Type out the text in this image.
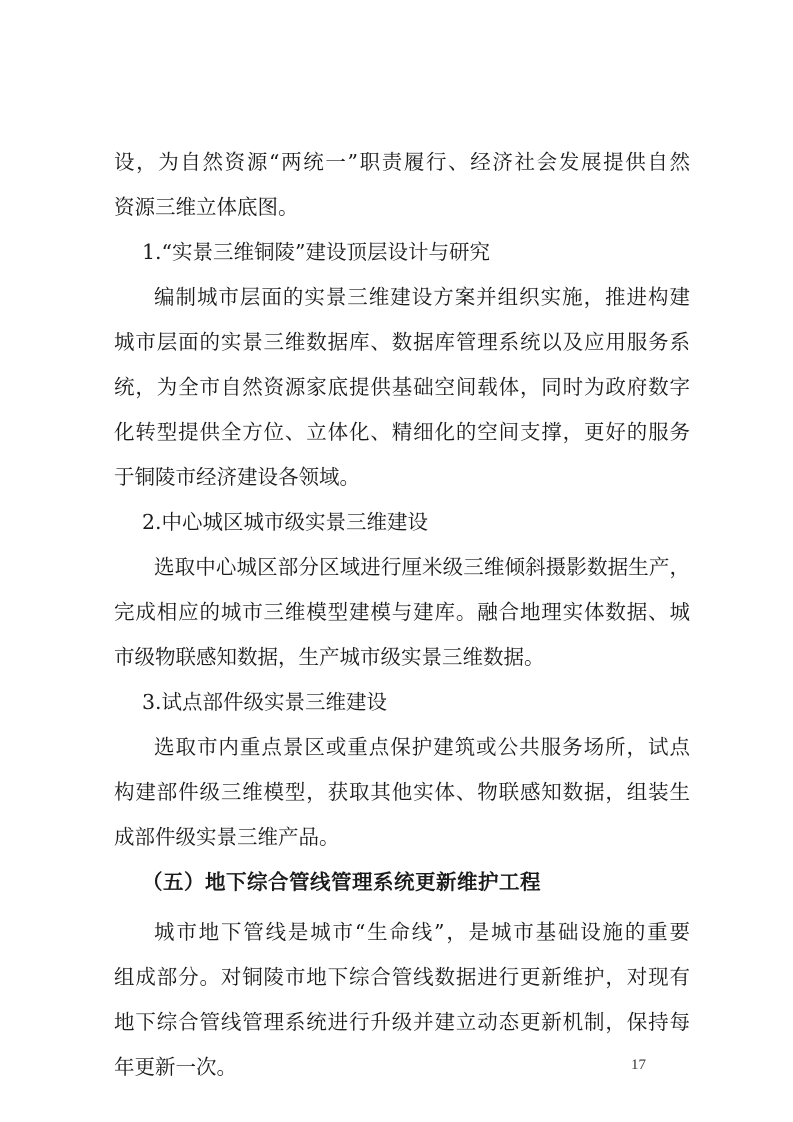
设，为自然资源“两统一”职责履行、经济社会发展提供自然
资源三维立体底图。
1.“实景三维铜陵”建设顶层设计与研究
编制城市层面的实景三维建设方案并组织实施，推进构建
城市层面的实景三维数据库、数据库管理系统以及应用服务系
统，为全市自然资源家底提供基础空间载体，同时为政府数字
化转型提供全方位、立体化、精细化的空间支撑，更好的服务
于铜陵市经济建设各领域。
2.中心城区城市级实景三维建设
选取中心城区部分区域进行厘米级三维倾斜摄影数据生产，
完成相应的城市三维模型建模与建库。融合地理实体数据、城
市级物联感知数据，生产城市级实景三维数据。
3.试点部件级实景三维建设
选取市内重点景区或重点保护建筑或公共服务场所，试点
构建部件级三维模型，获取其他实体、物联感知数据，组装生
成部件级实景三维产品。
（五）地下综合管线管理系统更新维护工程
城市地下管线是城市“生命线”，是城市基础设施的重要
组成部分。对铜陵市地下综合管线数据进行更新维护，对现有
地下综合管线管理系统进行升级并建立动态更新机制，保持每
年更新一次。	17
